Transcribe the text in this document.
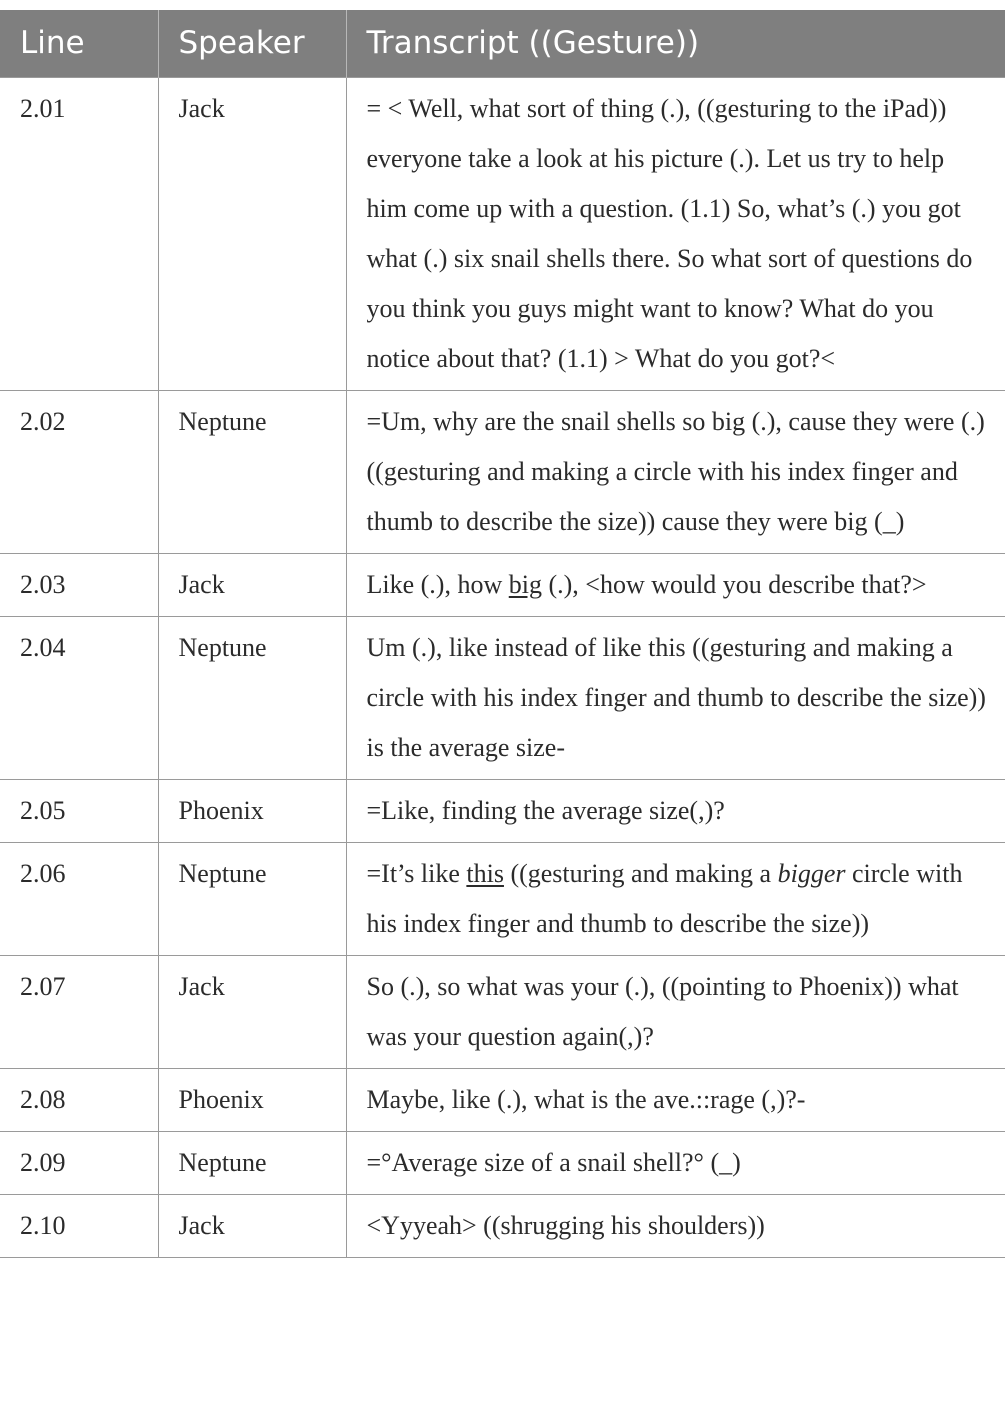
Line	Speaker	Transcript ((Gesture))
2.01	Jack	= < Well, what sort of thing (.), ((gesturing to the iPad)) everyone take a look at his picture (.). Let us try to help him come up with a question. (1.1) So, what’s (.) you got what (.) six snail shells there. So what sort of questions do you think you guys might want to know? What do you notice about that? (1.1) > What do you got?<
2.02	Neptune	=Um, why are the snail shells so big (.), cause they were (.) ((gesturing and making a circle with his index finger and thumb to describe the size)) cause they were big (_)
2.03	Jack	Like (.), how big (.), <how would you describe that?>
2.04	Neptune	Um (.), like instead of like this ((gesturing and making a circle with his index finger and thumb to describe the size)) is the average size-
2.05	Phoenix	=Like, finding the average size(,)?
2.06	Neptune	=It’s like this ((gesturing and making a bigger circle with his index finger and thumb to describe the size))
2.07	Jack	So (.), so what was your (.), ((pointing to Phoenix)) what was your question again(,)?
2.08	Phoenix	Maybe, like (.), what is the ave.::rage (,)?-
2.09	Neptune	=°Average size of a snail shell?° (_)
2.10	Jack	<Yyyeah> ((shrugging his shoulders))
